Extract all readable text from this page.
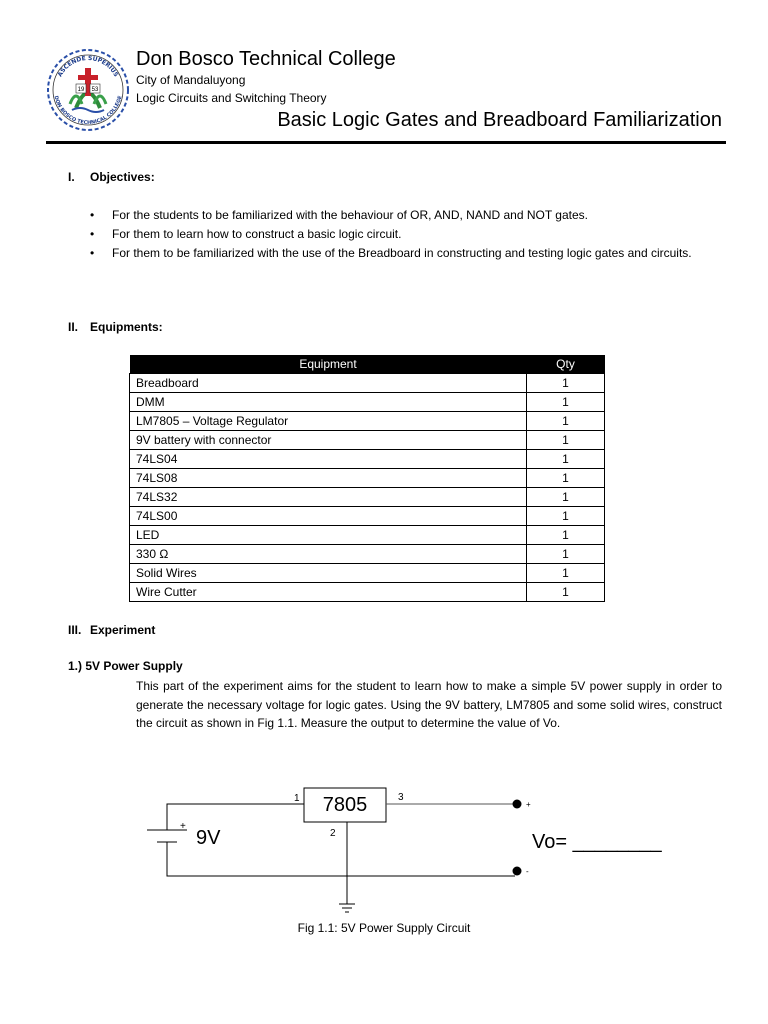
ASCENDE SUPERIUS
DON BOSCO TECHNICAL COLLEGE
19 53
Don Bosco Technical College
City of Mandaluyong
Logic Circuits and Switching Theory
Basic Logic Gates and Breadboard Familiarization
I. Objectives:
• For the students to be familiarized with the behaviour of OR, AND, NAND and NOT gates.
• For them to learn how to construct a basic logic circuit.
• For them to be familiarized with the use of the Breadboard in constructing and testing logic gates and circuits.
II. Equipments:
Equipment	Qty
Breadboard	1
DMM	1
LM7805 – Voltage Regulator	1
9V battery with connector	1
74LS04	1
74LS08	1
74LS32	1
74LS00	1
LED	1
330 Ω	1
Solid Wires	1
Wire Cutter	1
III. Experiment
1.) 5V Power Supply
This part of the experiment aims for the student to learn how to make a simple 5V power supply in order to generate the necessary voltage for logic gates. Using the 9V battery, LM7805 and some solid wires, construct the circuit as shown in Fig 1.1. Measure the output to determine the value of Vo.
7805
1	3
2
+
9V
+
-
Vo= ________
Fig 1.1: 5V Power Supply Circuit
